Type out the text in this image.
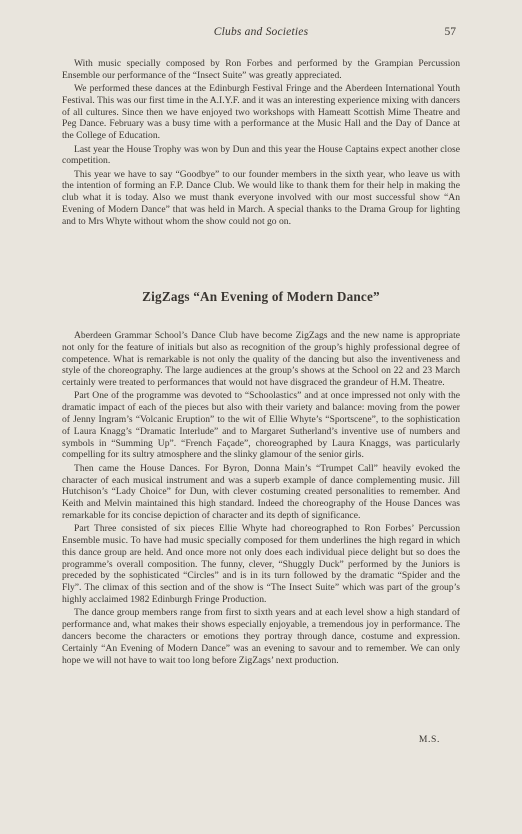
Clubs and Societies	57

With music specially composed by Ron Forbes and performed by the Grampian Percussion Ensemble our performance of the “Insect Suite” was greatly appreciated.

We performed these dances at the Edinburgh Festival Fringe and the Aberdeen International Youth Festival. This was our first time in the A.I.Y.F. and it was an interesting experience mixing with dancers of all cultures. Since then we have enjoyed two workshops with Hameatt Scottish Mime Theatre and Peg Dance. February was a busy time with a performance at the Music Hall and the Day of Dance at the College of Education.

Last year the House Trophy was won by Dun and this year the House Captains expect another close competition.

This year we have to say “Goodbye” to our founder members in the sixth year, who leave us with the intention of forming an F.P. Dance Club. We would like to thank them for their help in making the club what it is today. Also we must thank everyone involved with our most successful show “An Evening of Modern Dance” that was held in March. A special thanks to the Drama Group for lighting and to Mrs Whyte without whom the show could not go on.

ZigZags “An Evening of Modern Dance”

Aberdeen Grammar School’s Dance Club have become ZigZags and the new name is appropriate not only for the feature of initials but also as recognition of the group’s highly professional degree of competence. What is remarkable is not only the quality of the dancing but also the inventiveness and style of the choreography. The large audiences at the group’s shows at the School on 22 and 23 March certainly were treated to performances that would not have disgraced the grandeur of H.M. Theatre.

Part One of the programme was devoted to “Schoolastics” and at once impressed not only with the dramatic impact of each of the pieces but also with their variety and balance: moving from the power of Jenny Ingram’s “Volcanic Eruption” to the wit of Ellie Whyte’s “Sportscene”, to the sophistication of Laura Knagg’s “Dramatic Interlude” and to Margaret Sutherland’s inventive use of numbers and symbols in “Summing Up”. “French Façade”, choreographed by Laura Knaggs, was particularly compelling for its sultry atmosphere and the slinky glamour of the senior girls.

Then came the House Dances. For Byron, Donna Main’s “Trumpet Call” heavily evoked the character of each musical instrument and was a superb example of dance complementing music. Jill Hutchison’s “Lady Choice” for Dun, with clever costuming created personalities to remember. And Keith and Melvin maintained this high standard. Indeed the choreography of the House Dances was remarkable for its concise depiction of character and its depth of significance.

Part Three consisted of six pieces Ellie Whyte had choreographed to Ron Forbes’ Percussion Ensemble music. To have had music specially composed for them underlines the high regard in which this dance group are held. And once more not only does each individual piece delight but so does the programme’s overall composition. The funny, clever, “Shuggly Duck” performed by the Juniors is preceded by the sophisticated “Circles” and is in its turn followed by the dramatic “Spider and the Fly”. The climax of this section and of the show is “The Insect Suite” which was part of the group’s highly acclaimed 1982 Edinburgh Fringe Production.

The dance group members range from first to sixth years and at each level show a high standard of performance and, what makes their shows especially enjoyable, a tremendous joy in performance. The dancers become the characters or emotions they portray through dance, costume and expression. Certainly “An Evening of Modern Dance” was an evening to savour and to remember. We can only hope we will not have to wait too long before ZigZags’ next production.

M.S.
